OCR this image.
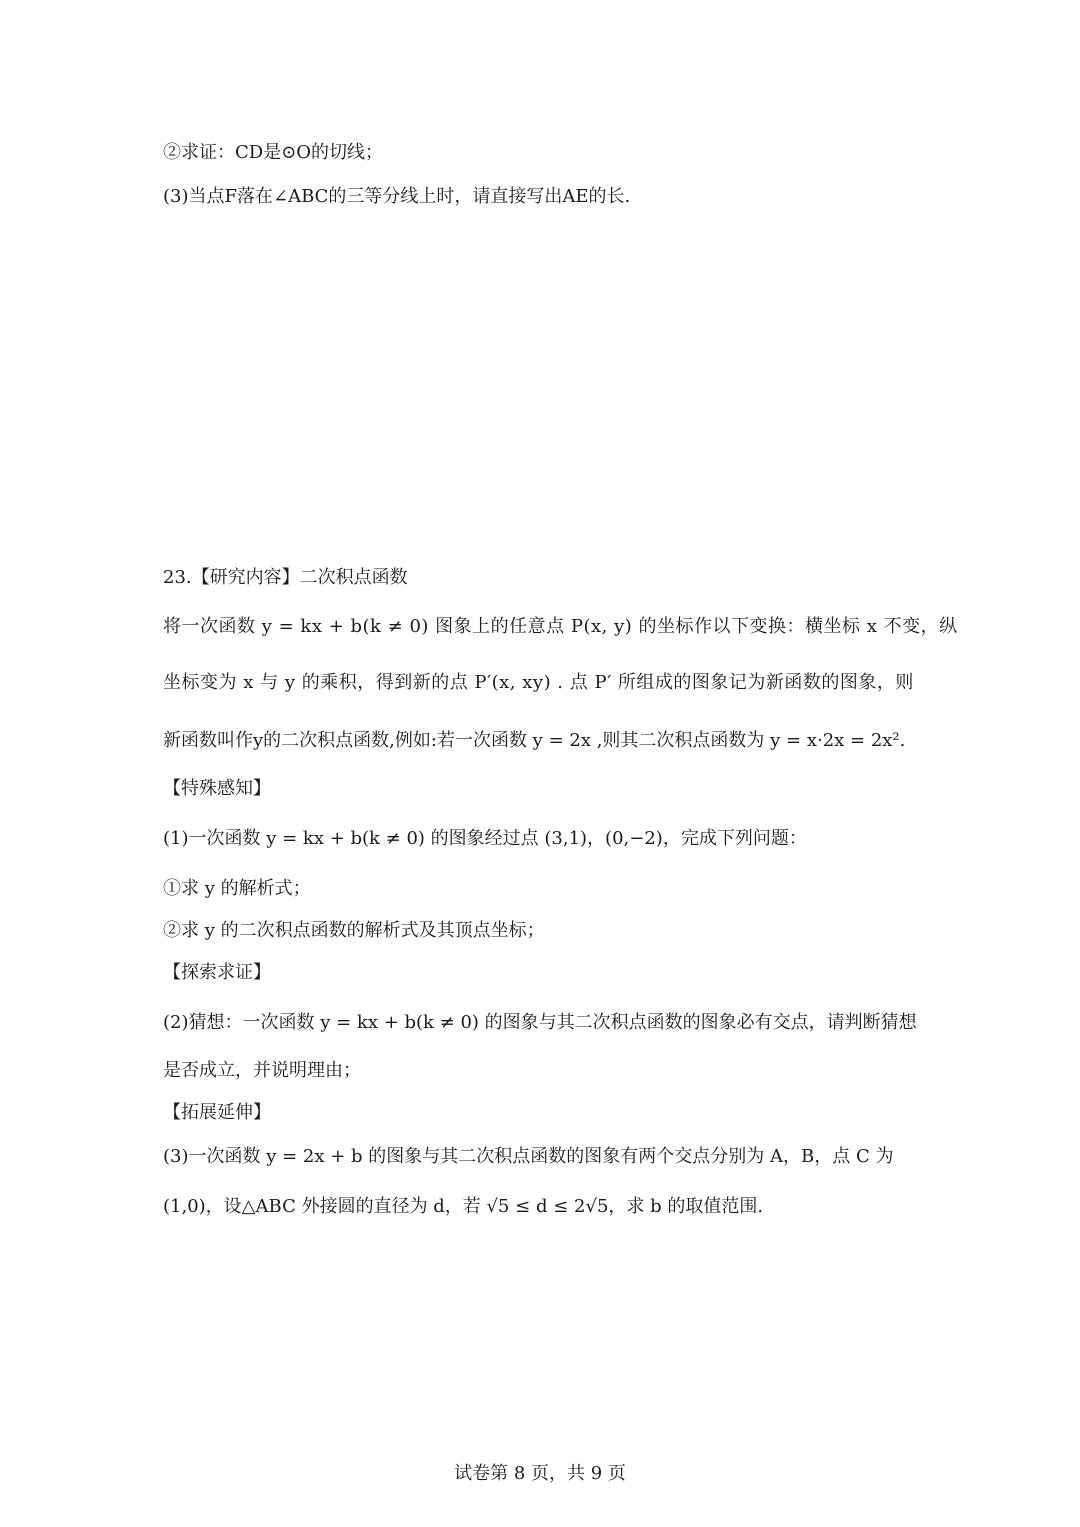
②求证：CD是⊙O的切线；
(3)当点F落在∠ABC的三等分线上时，请直接写出AE的长.
23.【研究内容】二次积点函数
将一次函数 y = kx + b(k ≠ 0) 图象上的任意点 P(x, y) 的坐标作以下变换：横坐标 x 不变，纵
坐标变为 x 与 y 的乘积，得到新的点 P′(x, xy) . 点 P′ 所组成的图象记为新函数的图象，则
新函数叫作y的二次积点函数,例如:若一次函数 y = 2x ,则其二次积点函数为 y = x·2x = 2x².
【特殊感知】
(1)一次函数 y = kx + b(k ≠ 0) 的图象经过点 (3,1)，(0,−2)，完成下列问题：
①求 y 的解析式；
②求 y 的二次积点函数的解析式及其顶点坐标；
【探索求证】
(2)猜想：一次函数 y = kx + b(k ≠ 0) 的图象与其二次积点函数的图象必有交点，请判断猜想
是否成立，并说明理由；
【拓展延伸】
(3)一次函数 y = 2x + b 的图象与其二次积点函数的图象有两个交点分别为 A，B，点 C 为
(1,0)，设△ABC 外接圆的直径为 d，若 √5 ≤ d ≤ 2√5，求 b 的取值范围.
试卷第 8 页，共 9 页
